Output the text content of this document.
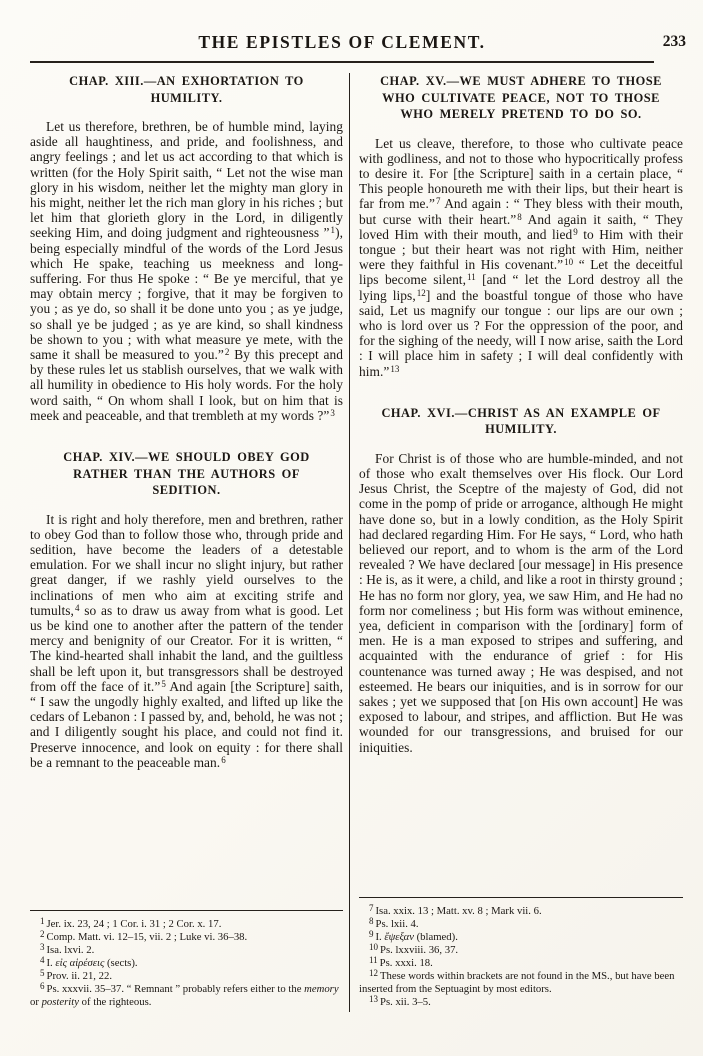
THE EPISTLES OF CLEMENT.	233
CHAP. XIII.—AN EXHORTATION TO HUMILITY.

Let us therefore, brethren, be of humble mind, laying aside all haughtiness, and pride, and foolishness, and angry feelings ; and let us act according to that which is written (for the Holy Spirit saith, “ Let not the wise man glory in his wisdom, neither let the mighty man glory in his might, neither let the rich man glory in his riches ; but let him that glorieth glory in the Lord, in diligently seeking Him, and doing judgment and righteousness ”$^1$), being especially mindful of the words of the Lord Jesus which He spake, teaching us meekness and long-suffering. For thus He spoke : “ Be ye merciful, that ye may obtain mercy ; forgive, that it may be forgiven to you ; as ye do, so shall it be done unto you ; as ye judge, so shall ye be judged ; as ye are kind, so shall kindness be shown to you ; with what measure ye mete, with the same it shall be measured to you.”$^2$ By this precept and by these rules let us stablish ourselves, that we walk with all humility in obedience to His holy words. For the holy word saith, “ On whom shall I look, but on him that is meek and peaceable, and that trembleth at my words ?”$^3$

CHAP. XIV.—WE SHOULD OBEY GOD RATHER THAN THE AUTHORS OF SEDITION.

It is right and holy therefore, men and brethren, rather to obey God than to follow those who, through pride and sedition, have become the leaders of a detestable emulation. For we shall incur no slight injury, but rather great danger, if we rashly yield ourselves to the inclinations of men who aim at exciting strife and tumults,$^4$ so as to draw us away from what is good. Let us be kind one to another after the pattern of the tender mercy and benignity of our Creator. For it is written, “ The kind-hearted shall inhabit the land, and the guiltless shall be left upon it, but transgressors shall be destroyed from off the face of it.”$^5$ And again [the Scripture] saith, “ I saw the ungodly highly exalted, and lifted up like the cedars of Lebanon : I passed by, and, behold, he was not ; and I diligently sought his place, and could not find it. Preserve innocence, and look on equity : for there shall be a remnant to the peaceable man.$^6$

$^1$ Jer. ix. 23, 24 ; 1 Cor. i. 31 ; 2 Cor. x. 17.

$^2$ Comp. Matt. vi. 12–15, vii. 2 ; Luke vi. 36–38.

$^3$ Isa. lxvi. 2.

$^4$ I. εἰς αἱρέσεις (sects).

$^5$ Prov. ii. 21, 22.

$^6$ Ps. xxxvii. 35–37. “ Remnant ” probably refers either to the memory or posterity of the righteous.

CHAP. XV.—WE MUST ADHERE TO THOSE WHO CULTIVATE PEACE, NOT TO THOSE WHO MERELY PRETEND TO DO SO.

Let us cleave, therefore, to those who cultivate peace with godliness, and not to those who hypocritically profess to desire it. For [the Scripture] saith in a certain place, “ This people honoureth me with their lips, but their heart is far from me.”$^7$ And again : “ They bless with their mouth, but curse with their heart.”$^8$ And again it saith, “ They loved Him with their mouth, and lied$^9$ to Him with their tongue ; but their heart was not right with Him, neither were they faithful in His covenant.”$^{10}$ “ Let the deceitful lips become silent,$^{11}$ [and “ let the Lord destroy all the lying lips,$^{12}$] and the boastful tongue of those who have said, Let us magnify our tongue : our lips are our own ; who is lord over us ? For the oppression of the poor, and for the sighing of the needy, will I now arise, saith the Lord : I will place him in safety ; I will deal confidently with him.”$^{13}$

CHAP. XVI.—CHRIST AS AN EXAMPLE OF HUMILITY.

For Christ is of those who are humble-minded, and not of those who exalt themselves over His flock. Our Lord Jesus Christ, the Sceptre of the majesty of God, did not come in the pomp of pride or arrogance, although He might have done so, but in a lowly condition, as the Holy Spirit had declared regarding Him. For He says, “ Lord, who hath believed our report, and to whom is the arm of the Lord revealed ? We have declared [our message] in His presence : He is, as it were, a child, and like a root in thirsty ground ; He has no form nor glory, yea, we saw Him, and He had no form nor comeliness ; but His form was without eminence, yea, deficient in comparison with the [ordinary] form of men. He is a man exposed to stripes and suffering, and acquainted with the endurance of grief : for His countenance was turned away ; He was despised, and not esteemed. He bears our iniquities, and is in sorrow for our sakes ; yet we supposed that [on His own account] He was exposed to labour, and stripes, and affliction. But He was wounded for our transgressions, and bruised for our iniquities.

$^7$ Isa. xxix. 13 ; Matt. xv. 8 ; Mark vii. 6.

$^8$ Ps. lxii. 4.

$^9$ I. ἔψεξαν (blamed).

$^{10}$ Ps. lxxviii. 36, 37.

$^{11}$ Ps. xxxi. 18.

$^{12}$ These words within brackets are not found in the MS., but have been inserted from the Septuagint by most editors.

$^{13}$ Ps. xii. 3–5.
